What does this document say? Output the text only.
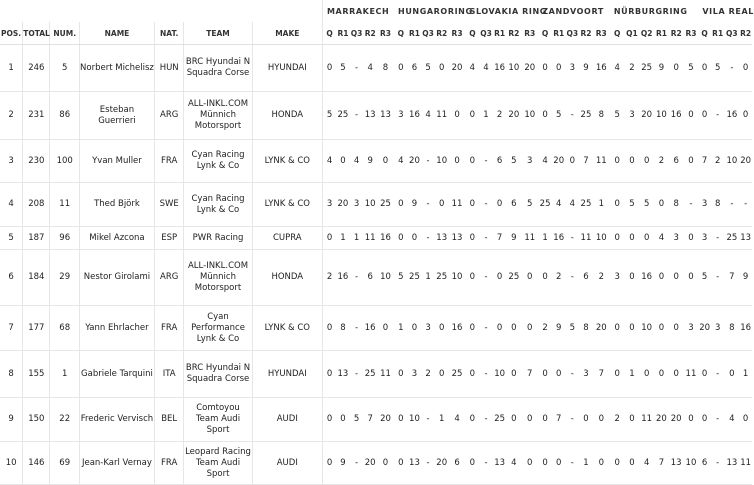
							MARRAKECH					HUNGARORING					SLOVAKIA RING					ZANDVOORT					NÜRBURGRING						VILA REAL			
POS.	TOTAL	NUM.	NAME	NAT.	TEAM	MAKE	Q	R1	Q3	R2	R3	Q	R1	Q3	R2	R3	Q	Q3	R1	R2	R3	Q	R1	Q3	R2	R3	Q	Q1	Q2	R1	R2	R3	Q	R1	Q3	R2
1	246	5	Norbert Michelisz	HUN	BRC Hyundai N Squadra Corse	HYUNDAI	0	5	-	4	8	0	6	5	0	20	4	4	16	10	20	0	0	3	9	16	4	2	25	9	0	5	0	5	-	0
2	231	86	Esteban Guerrieri	ARG	ALL-INKL.COM Münnich Motorsport	HONDA	5	25	-	13	13	3	16	4	11	0	0	1	2	20	10	0	5	-	25	8	5	3	20	10	16	0	0	-	16	0
3	230	100	Yvan Muller	FRA	Cyan Racing Lynk & Co	LYNK & CO	4	0	4	9	0	4	20	-	10	0	0	-	6	5	3	4	20	0	7	11	0	0	0	2	6	0	7	2	10	20
4	208	11	Thed Björk	SWE	Cyan Racing Lynk & Co	LYNK & CO	3	20	3	10	25	0	9	-	0	11	0	-	0	6	5	25	4	4	25	1	0	5	5	0	8	-	3	8	-	-
5	187	96	Mikel Azcona	ESP	PWR Racing	CUPRA	0	1	1	11	16	0	0	-	13	13	0	-	7	9	11	1	16	-	11	10	0	0	0	4	3	0	3	-	25	13
6	184	29	Nestor Girolami	ARG	ALL-INKL.COM Münnich Motorsport	HONDA	2	16	-	6	10	5	25	1	25	10	0	-	0	25	0	0	2	-	6	2	3	0	16	0	0	0	5	-	7	9
7	177	68	Yann Ehrlacher	FRA	Cyan Performance Lynk & Co	LYNK & CO	0	8	-	16	0	1	0	3	0	16	0	-	0	0	0	2	9	5	8	20	0	0	10	0	0	3	20	3	8	16
8	155	1	Gabriele Tarquini	ITA	BRC Hyundai N Squadra Corse	HYUNDAI	0	13	-	25	11	0	3	2	0	25	0	-	10	0	7	0	0	-	3	7	0	1	0	0	0	11	0	-	0	1
9	150	22	Frederic Vervisch	BEL	Comtoyou Team Audi Sport	AUDI	0	0	5	7	20	0	10	-	1	4	0	-	25	0	0	0	7	-	0	0	2	0	11	20	20	0	0	-	4	0
10	146	69	Jean-Karl Vernay	FRA	Leopard Racing Team Audi Sport	AUDI	0	9	-	20	0	0	13	-	20	6	0	-	13	4	0	0	0	-	1	0	0	0	4	7	13	10	6	-	13	11
